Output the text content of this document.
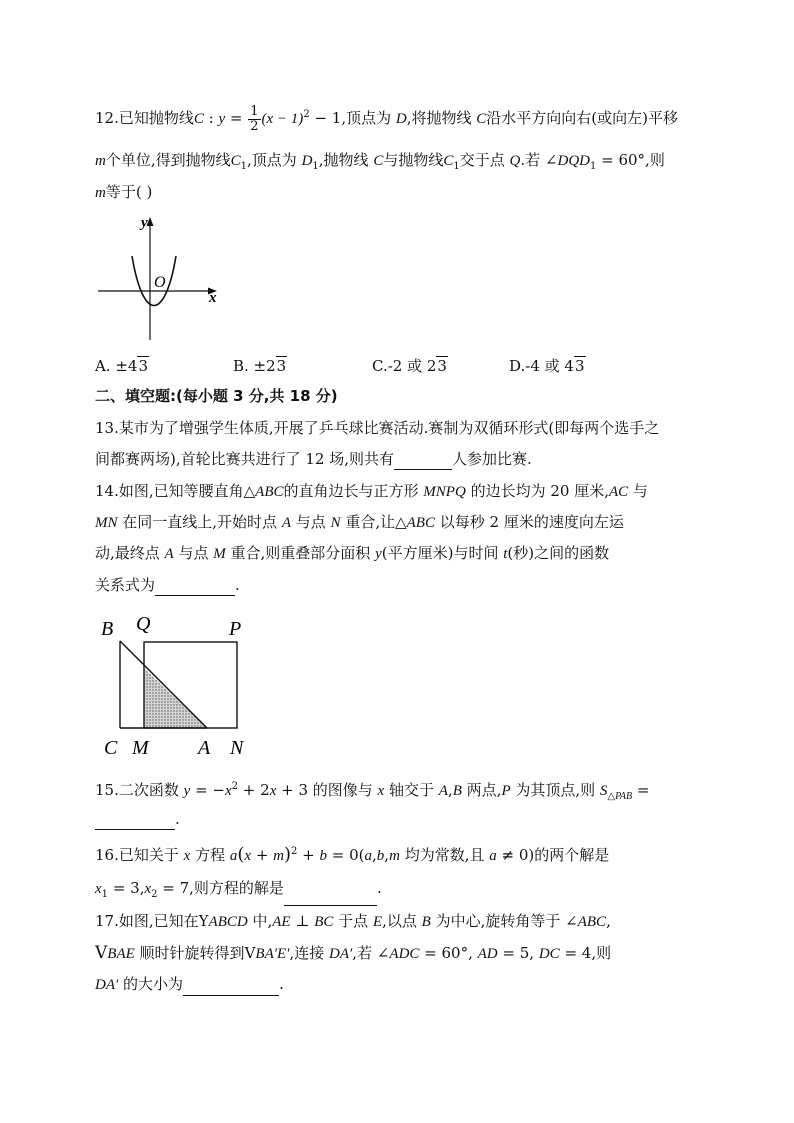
12.已知抛物线C : $y = \frac{1}{2} (x - 1)^2 - 1$,顶点为 D,将抛物线 C沿水平方向向右(或向左)平移
m个单位,得到抛物线$C_1$,顶点为 $D_1$,抛物线 C与抛物线$C_1$交于点 Q.若 $\angle DQD_1 = 60^\circ$,则
m等于( )
y
x
O
A. ±43	B. ±23	C.-2 或 23	D.-4 或 43
二、填空题:(每小题 3 分,共 18 分)
13.某市为了增强学生体质,开展了乒乓球比赛活动.赛制为双循环形式(即每两个选手之
间都赛两场),首轮比赛共进行了 12 场,则共有	人参加比赛.
14.如图,已知等腰直角△ABC的直角边长与正方形 MNPQ 的边长均为 20 厘米,AC 与
MN 在同一直线上,开始时点 A 与点 N 重合,让△ABC 以每秒 2 厘米的速度向左运
动,最终点 A 与点 M 重合,则重叠部分面积 y(平方厘米)与时间 t(秒)之间的函数
关系式为	.
B Q	P
C M A N
15.二次函数 $y = -x^2 + 2x + 3$ 的图像与 x 轴交于 A,B 两点,P 为其顶点,则 $S_{\triangle PAB}$ =
.
16.已知关于 x 方程 $a(x + m)^2 + b = 0(a,b,m$ 均为常数,且 a ≠ 0)的两个解是
$x_1 = 3,x_2 = 7$,则方程的解是	.
17.如图,已知在YABCD 中,AE ⊥ BC 于点 E,以点 B 为中心,旋转角等于 ∠ABC,
VBAE 顺时针旋转得到VBA′E′,连接 DA′,若 ∠ADC = 60°, AD = 5, DC = 4,则
DA′ 的大小为	.
